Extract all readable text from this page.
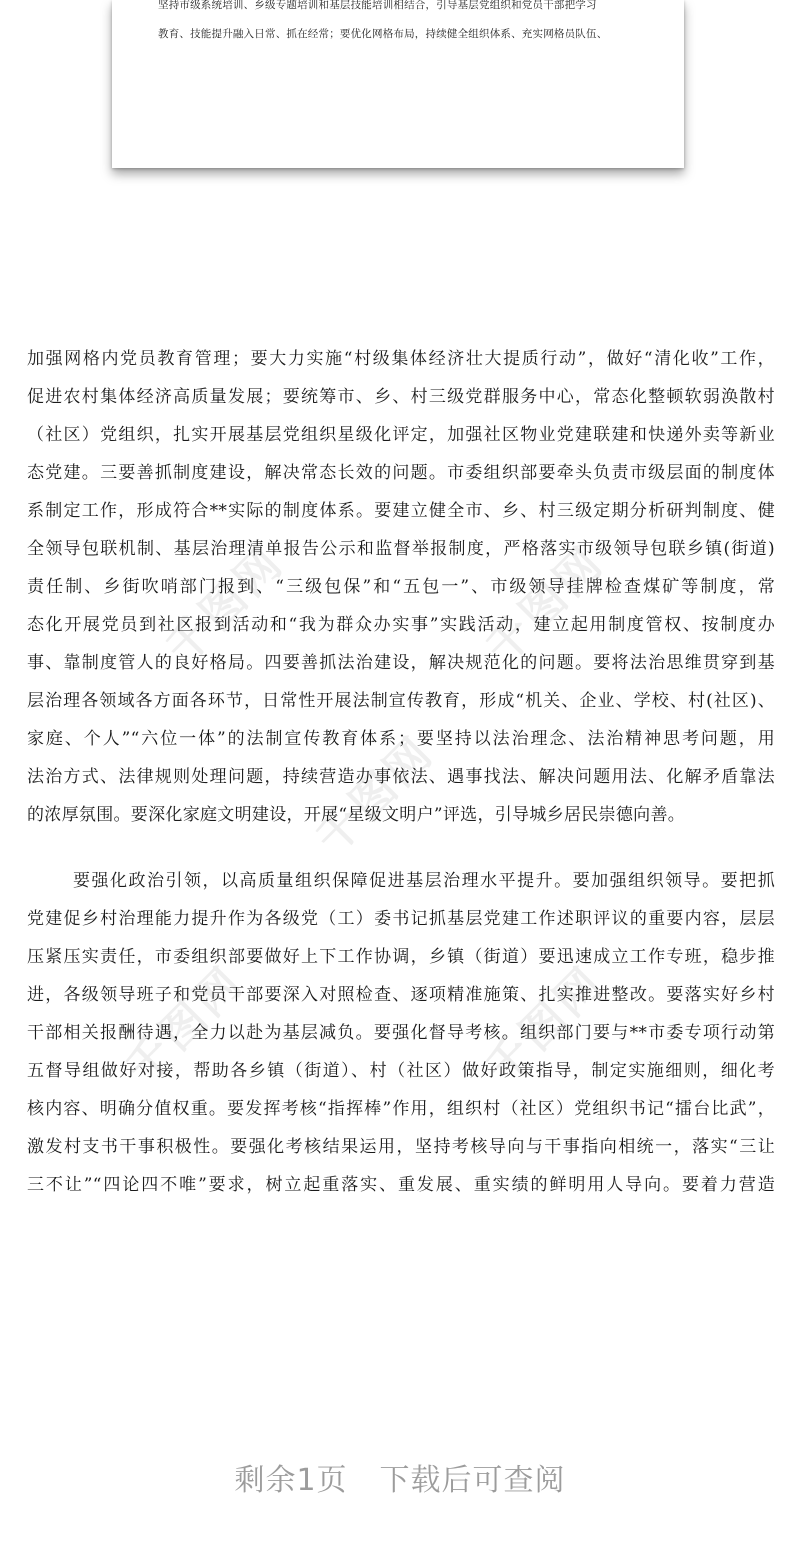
坚持市级系统培训、乡级专题培训和基层技能培训相结合，引导基层党组织和党员干部把学习
教育、技能提升融入日常、抓在经常；要优化网格布局，持续健全组织体系、充实网格员队伍、
千图网	千图网
千图网
千图网
千图网
加强网格内党员教育管理；要大力实施“村级集体经济壮大提质行动”，做好“清化收”工作，
促进农村集体经济高质量发展；要统筹市、乡、村三级党群服务中心，常态化整顿软弱涣散村
（社区）党组织，扎实开展基层党组织星级化评定，加强社区物业党建联建和快递外卖等新业
态党建。三要善抓制度建设，解决常态长效的问题。市委组织部要牵头负责市级层面的制度体
系制定工作，形成符合**实际的制度体系。要建立健全市、乡、村三级定期分析研判制度、健
全领导包联机制、基层治理清单报告公示和监督举报制度，严格落实市级领导包联乡镇(街道)
责任制、乡街吹哨部门报到、“三级包保”和“五包一”、市级领导挂牌检查煤矿等制度，常
态化开展党员到社区报到活动和“我为群众办实事”实践活动，建立起用制度管权、按制度办
事、靠制度管人的良好格局。四要善抓法治建设，解决规范化的问题。要将法治思维贯穿到基
层治理各领域各方面各环节，日常性开展法制宣传教育，形成“机关、企业、学校、村(社区)、
家庭、个人”“六位一体”的法制宣传教育体系；要坚持以法治理念、法治精神思考问题，用
法治方式、法律规则处理问题，持续营造办事依法、遇事找法、解决问题用法、化解矛盾靠法
的浓厚氛围。要深化家庭文明建设，开展“星级文明户”评选，引导城乡居民崇德向善。
要强化政治引领，以高质量组织保障促进基层治理水平提升。要加强组织领导。要把抓
党建促乡村治理能力提升作为各级党（工）委书记抓基层党建工作述职评议的重要内容，层层
压紧压实责任，市委组织部要做好上下工作协调，乡镇（街道）要迅速成立工作专班，稳步推
进，各级领导班子和党员干部要深入对照检查、逐项精准施策、扎实推进整改。要落实好乡村
干部相关报酬待遇，全力以赴为基层减负。要强化督导考核。组织部门要与**市委专项行动第
五督导组做好对接，帮助各乡镇（街道）、村（社区）做好政策指导，制定实施细则，细化考
核内容、明确分值权重。要发挥考核“指挥棒”作用，组织村（社区）党组织书记“擂台比武”，
激发村支书干事积极性。要强化考核结果运用，坚持考核导向与干事指向相统一，落实“三让
三不让”“四论四不唯”要求，树立起重落实、重发展、重实绩的鲜明用人导向。要着力营造
剩余1页 下载后可查阅
